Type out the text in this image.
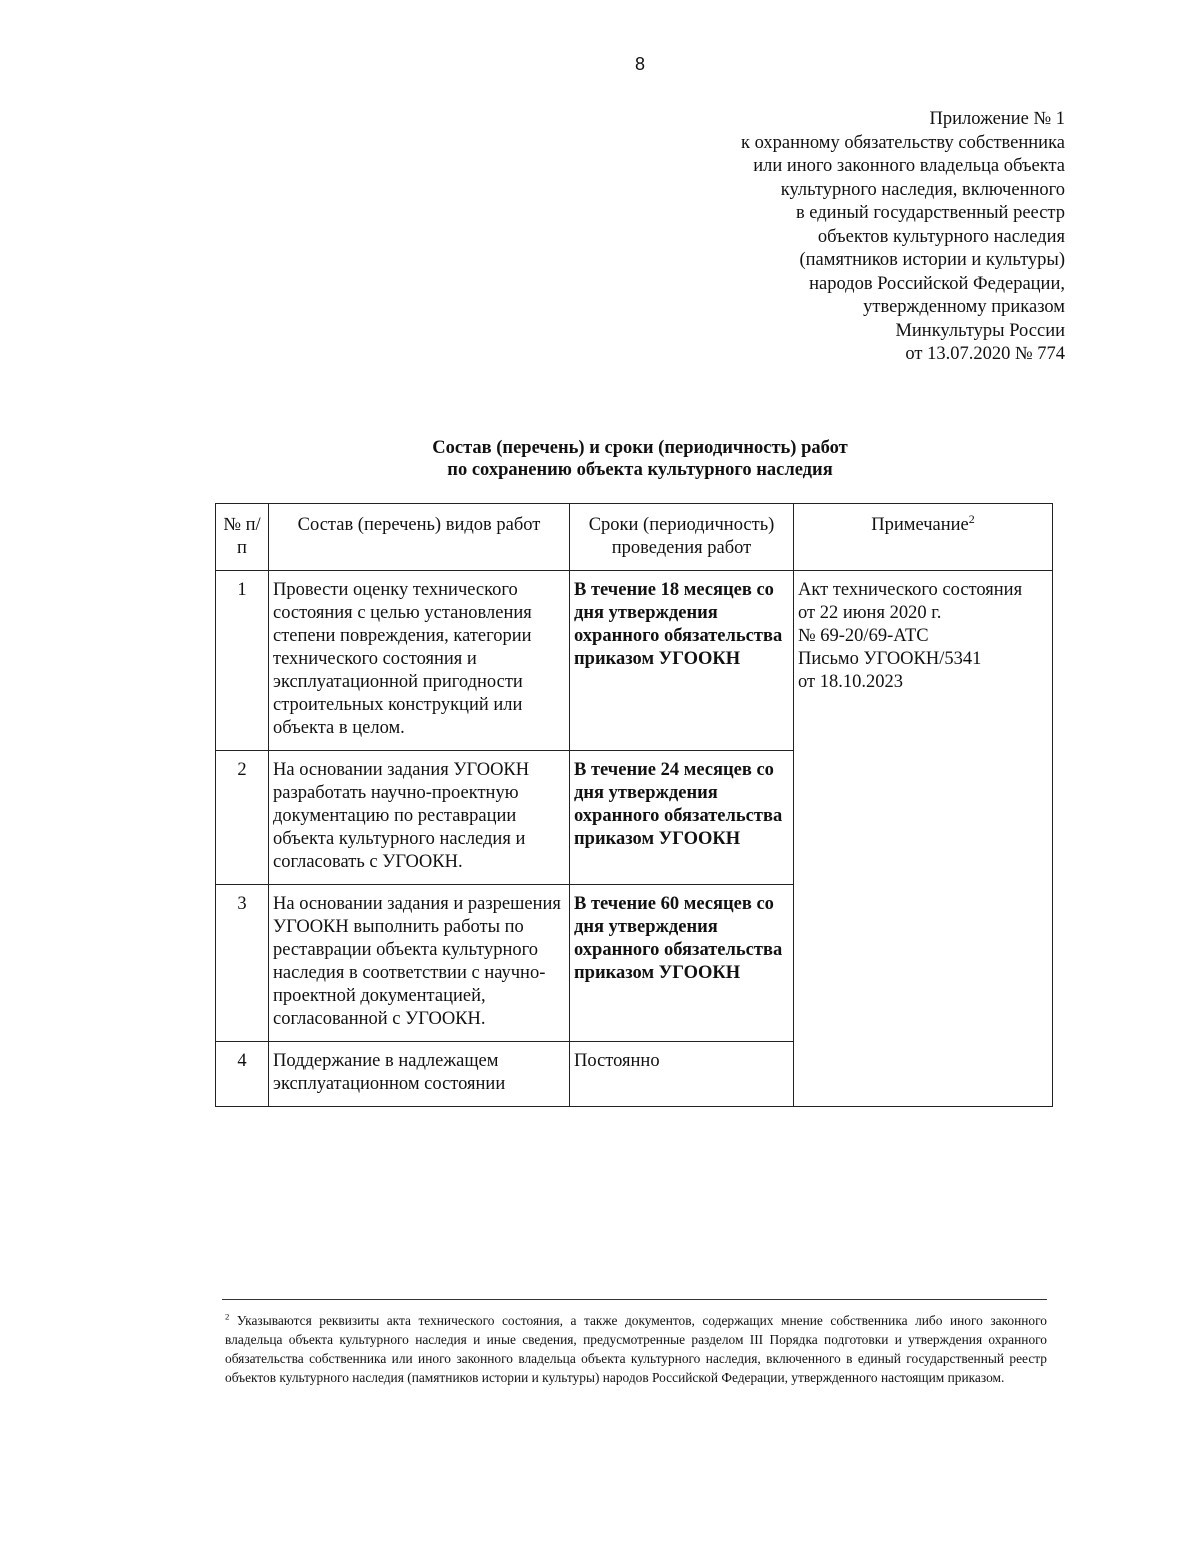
8
Приложение № 1
к охранному обязательству собственника
или иного законного владельца объекта
культурного наследия, включенного
в единый государственный реестр
объектов культурного наследия
(памятников истории и культуры)
народов Российской Федерации,
утвержденному приказом
Минкультуры России
от 13.07.2020 № 774
Состав (перечень) и сроки (периодичность) работ
по сохранению объекта культурного наследия
№ п/п	Состав (перечень) видов работ	Сроки (периодичность) проведения работ	Примечание$^2$
1	Провести оценку технического состояния с целью установления степени повреждения, категории технического состояния и эксплуатационной пригодности строительных конструкций или объекта в целом.	В течение 18 месяцев со дня утверждения охранного обязательства приказом УГООКН	Акт технического состояния
от 22 июня 2020 г.
№ 69-20/69-АТС
Письмо УГООКН/5341
от 18.10.2023

2	На основании задания УГООКН разработать научно-проектную документацию по реставрации объекта культурного наследия и согласовать с УГООКН.	В течение 24 месяцев со дня утверждения охранного обязательства приказом УГООКН	
3	На основании задания и разрешения УГООКН выполнить работы по реставрации объекта культурного наследия в соответствии с научно-проектной документацией, согласованной с УГООКН.	В течение 60 месяцев со дня утверждения охранного обязательства приказом УГООКН	
4	Поддержание в надлежащем эксплуатационном состоянии	Постоянно	
$^2$ Указываются реквизиты акта технического состояния, а также документов, содержащих мнение собственника либо иного законного владельца объекта культурного наследия и иные сведения, предусмотренные разделом III Порядка подготовки и утверждения охранного обязательства собственника или иного законного владельца объекта культурного наследия, включенного в единый государственный реестр объектов культурного наследия (памятников истории и культуры) народов Российской Федерации, утвержденного настоящим приказом.
